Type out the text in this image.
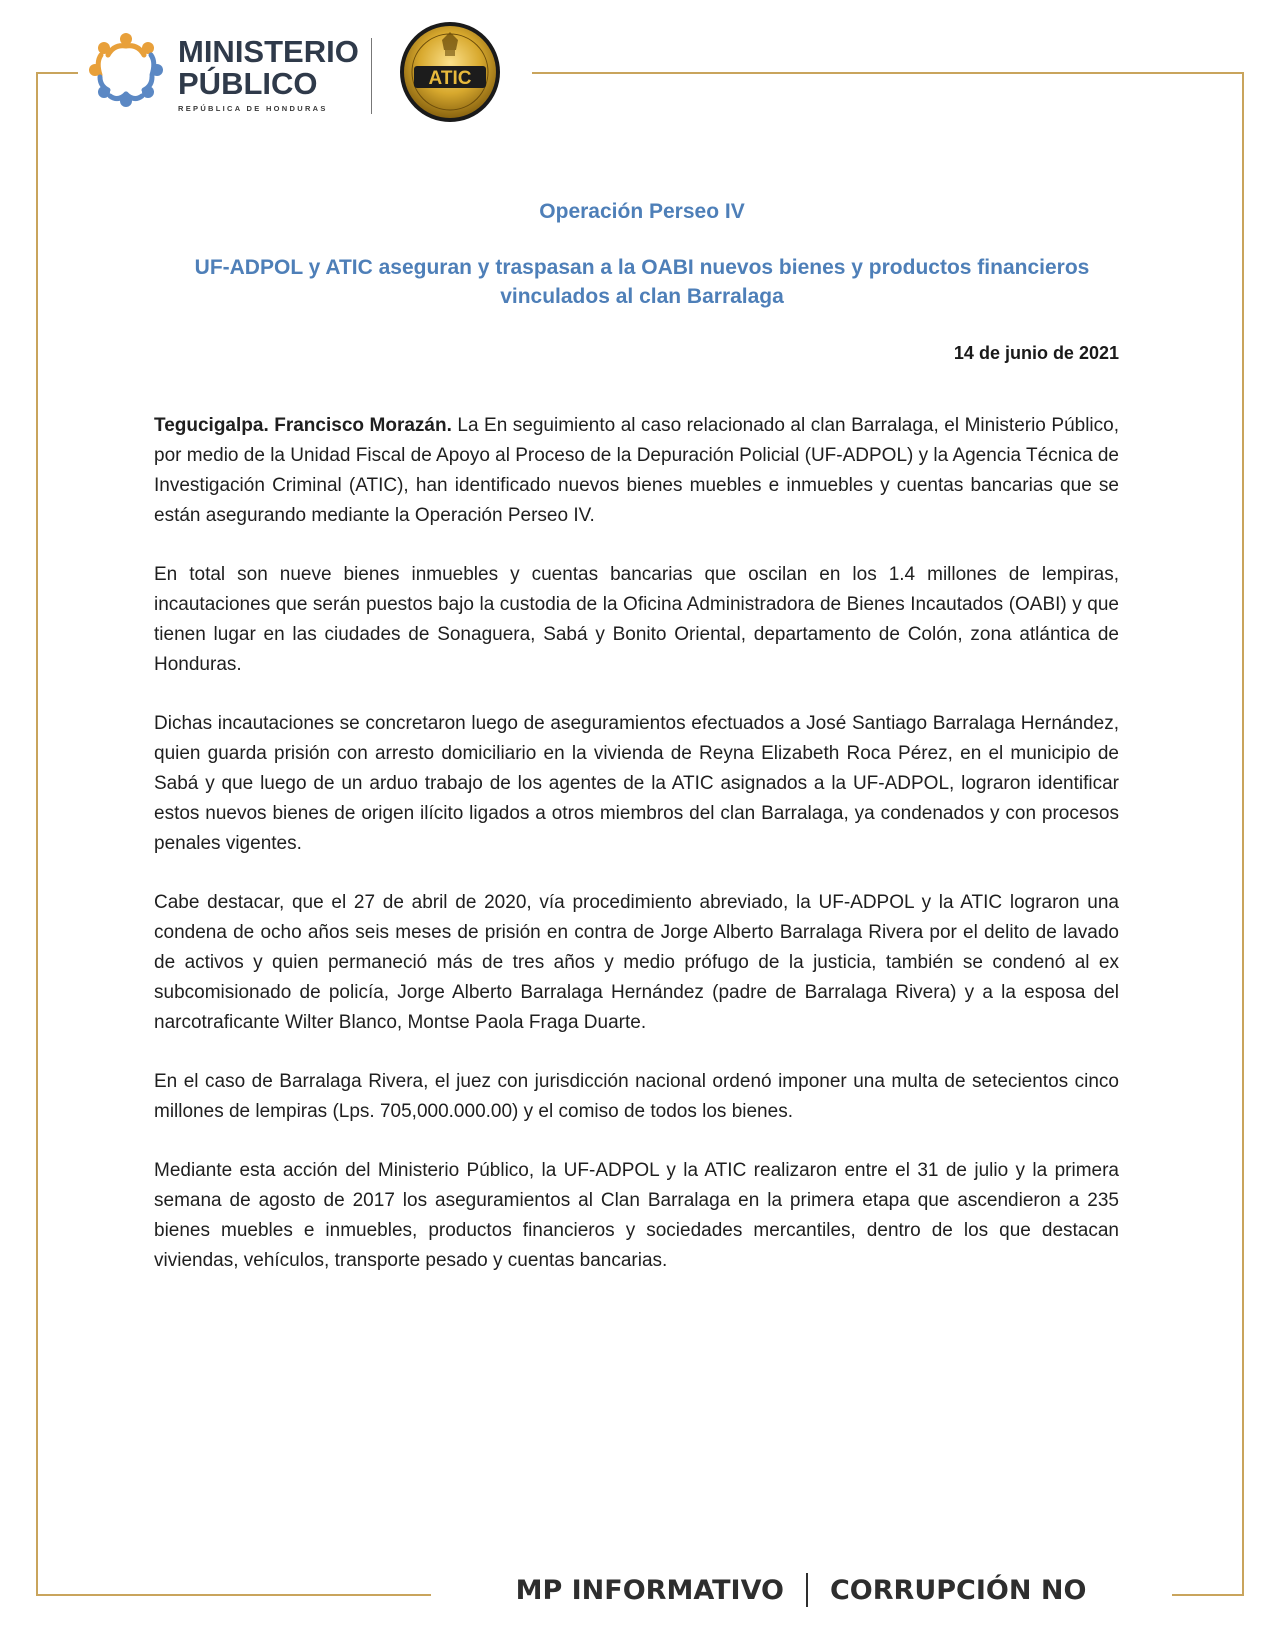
MINISTERIO
PÚBLICO
REPÚBLICA DE HONDURAS
ATIC
Operación Perseo IV
UF-ADPOL y ATIC aseguran y traspasan a la OABI nuevos bienes y productos financieros vinculados al clan Barralaga
14 de junio de 2021

Tegucigalpa. Francisco Morazán. La En seguimiento al caso relacionado al clan Barralaga, el Ministerio Público, por medio de la Unidad Fiscal de Apoyo al Proceso de la Depuración Policial (UF-ADPOL) y la Agencia Técnica de Investigación Criminal (ATIC), han identificado nuevos bienes muebles e inmuebles y cuentas bancarias que se están asegurando mediante la Operación Perseo IV.

En total son nueve bienes inmuebles y cuentas bancarias que oscilan en los 1.4 millones de lempiras, incautaciones que serán puestos bajo la custodia de la Oficina Administradora de Bienes Incautados (OABI) y que tienen lugar en las ciudades de Sonaguera, Sabá y Bonito Oriental, departamento de Colón, zona atlántica de Honduras.

Dichas incautaciones se concretaron luego de aseguramientos efectuados a José Santiago Barralaga Hernández, quien guarda prisión con arresto domiciliario en la vivienda de Reyna Elizabeth Roca Pérez, en el municipio de Sabá y que luego de un arduo trabajo de los agentes de la ATIC asignados a la UF-ADPOL, lograron identificar estos nuevos bienes de origen ilícito ligados a otros miembros del clan Barralaga, ya condenados y con procesos penales vigentes.

Cabe destacar, que el 27 de abril de 2020, vía procedimiento abreviado, la UF-ADPOL y la ATIC lograron una condena de ocho años seis meses de prisión en contra de Jorge Alberto Barralaga Rivera por el delito de lavado de activos y quien permaneció más de tres años y medio prófugo de la justicia, también se condenó al ex subcomisionado de policía, Jorge Alberto Barralaga Hernández (padre de Barralaga Rivera) y a la esposa del narcotraficante Wilter Blanco, Montse Paola Fraga Duarte.

En el caso de Barralaga Rivera, el juez con jurisdicción nacional ordenó imponer una multa de setecientos cinco millones de lempiras (Lps. 705,000.000.00) y el comiso de todos los bienes.

Mediante esta acción del Ministerio Público, la UF-ADPOL y la ATIC realizaron entre el 31 de julio y la primera semana de agosto de 2017 los aseguramientos al Clan Barralaga en la primera etapa que ascendieron a 235 bienes muebles e inmuebles, productos financieros y sociedades mercantiles, dentro de los que destacan viviendas, vehículos, transporte pesado y cuentas bancarias.

MP INFORMATIVO CORRUPCIÓN NO
